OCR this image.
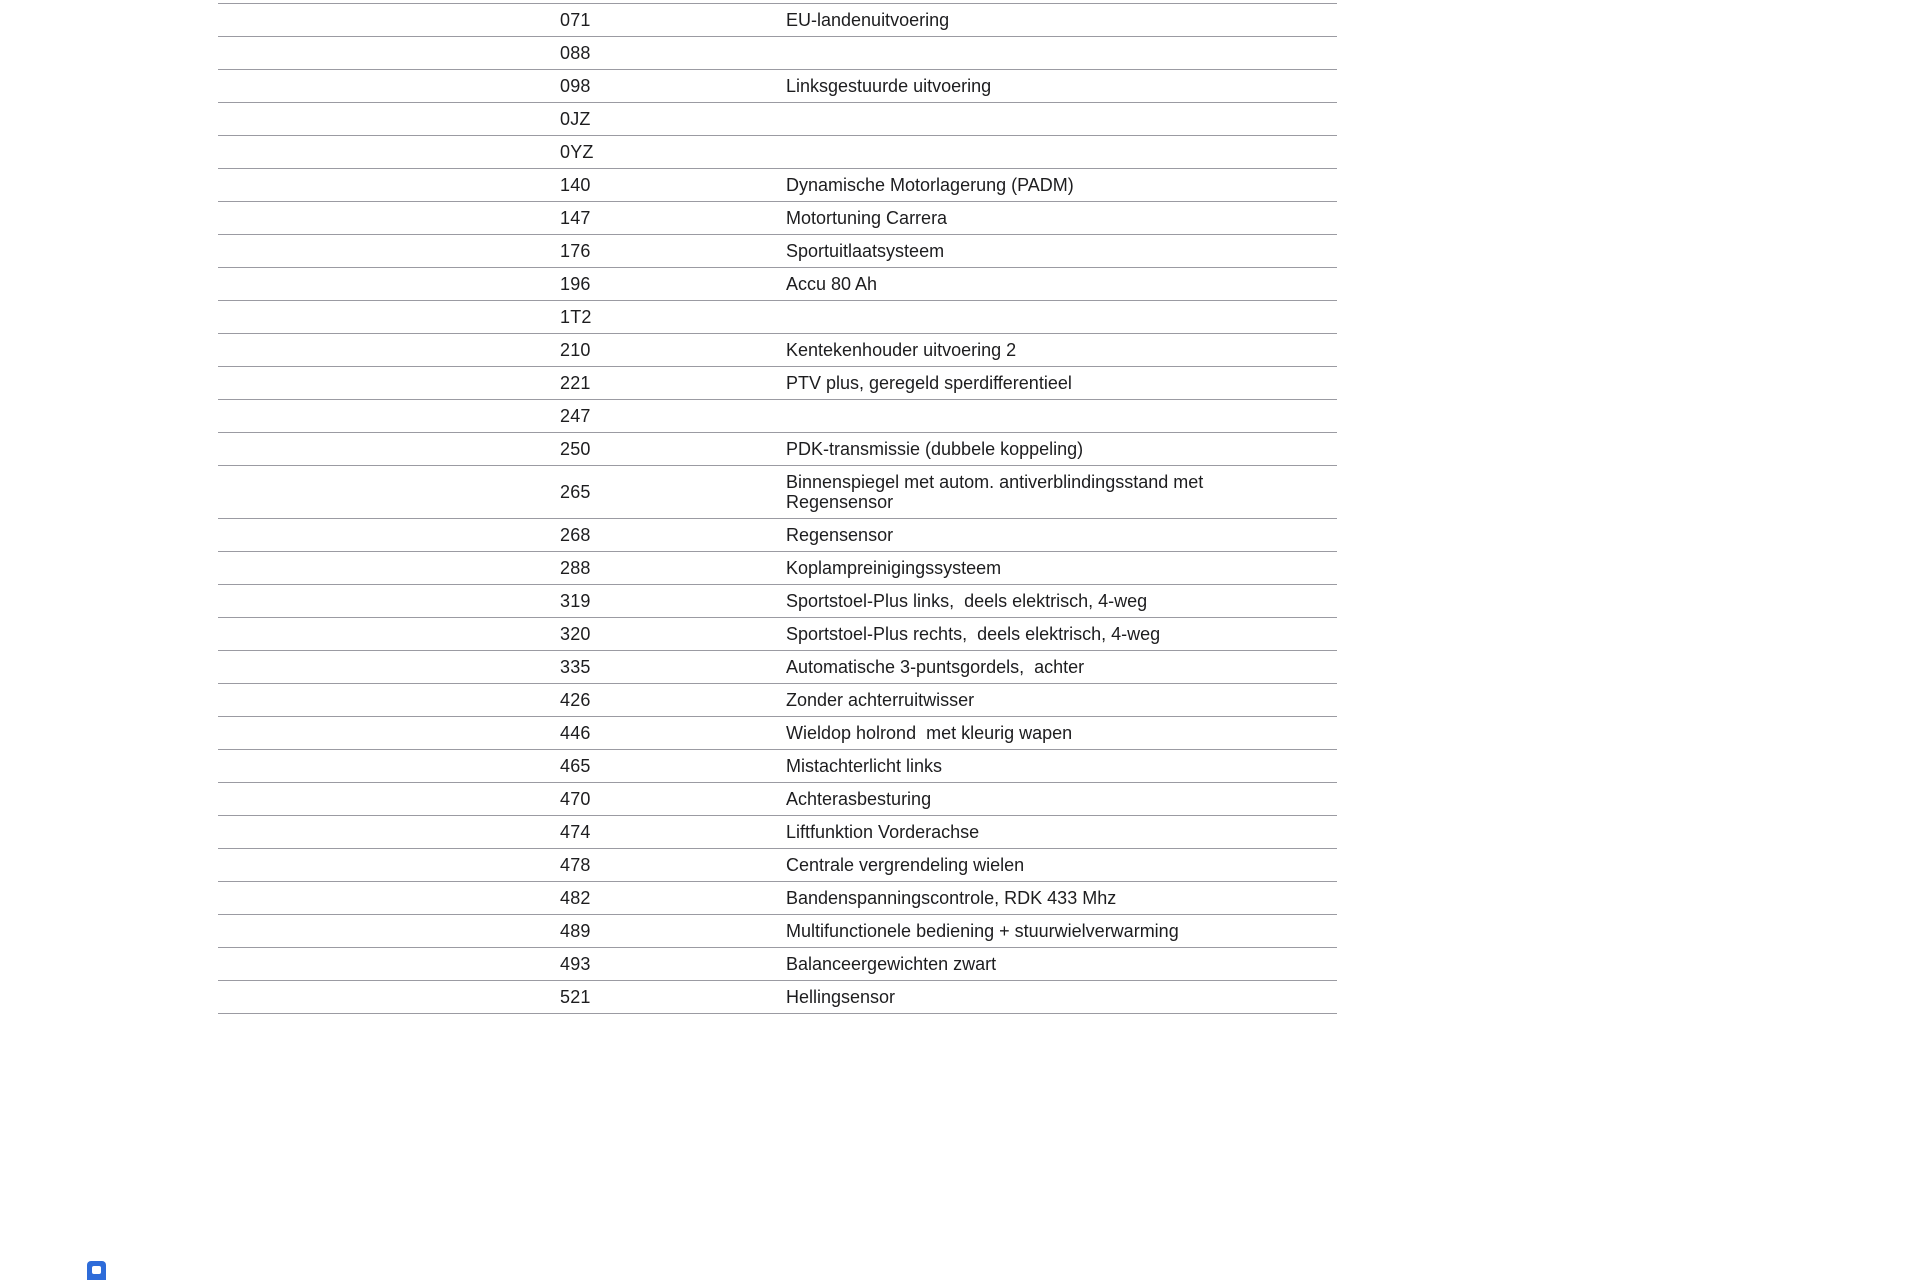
071	EU-landenuitvoering
088
098	Linksgestuurde uitvoering
0JZ
0YZ
140	Dynamische Motorlagerung (PADM)
147	Motortuning Carrera
176	Sportuitlaatsysteem
196	Accu 80 Ah
1T2
210	Kentekenhouder uitvoering 2
221	PTV plus, geregeld sperdifferentieel
247
250	PDK-transmissie (dubbele koppeling)
265	Binnenspiegel met autom. antiverblindingsstand met Regensensor
268	Regensensor
288	Koplampreinigingssysteem
319	Sportstoel-Plus links,  deels elektrisch, 4-weg
320	Sportstoel-Plus rechts,  deels elektrisch, 4-weg
335	Automatische 3-puntsgordels,  achter
426	Zonder achterruitwisser
446	Wieldop holrond  met kleurig wapen
465	Mistachterlicht links
470	Achterasbesturing
474	Liftfunktion Vorderachse
478	Centrale vergrendeling wielen
482	Bandenspanningscontrole, RDK 433 Mhz
489	Multifunctionele bediening + stuurwielverwarming
493	Balanceergewichten zwart
521	Hellingsensor
